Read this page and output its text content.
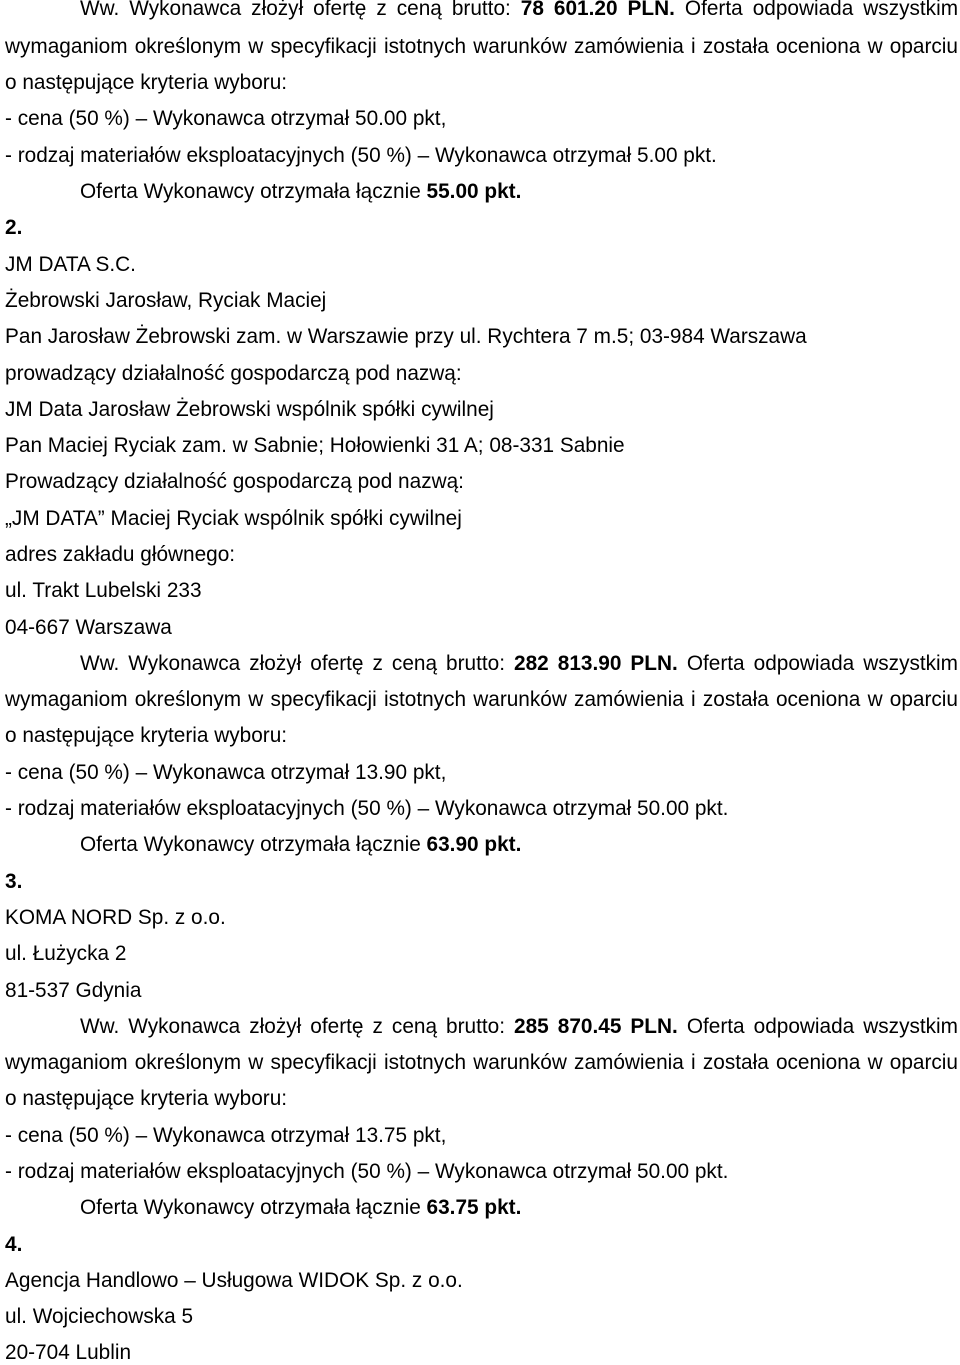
Ww. Wykonawca złożył ofertę z ceną brutto: 78 601.20 PLN. Oferta odpowiada wszystkim
wymaganiom określonym w specyfikacji istotnych warunków zamówienia i została oceniona w oparciu
o następujące kryteria wyboru:
- cena (50 %) – Wykonawca otrzymał 50.00 pkt,
- rodzaj materiałów eksploatacyjnych (50 %) – Wykonawca otrzymał 5.00 pkt.
Oferta Wykonawcy otrzymała łącznie 55.00 pkt.
2.
JM DATA S.C.
Żebrowski Jarosław, Ryciak Maciej
Pan Jarosław Żebrowski zam. w Warszawie przy ul. Rychtera 7 m.5; 03-984 Warszawa
prowadzący działalność gospodarczą pod nazwą:
JM Data Jarosław Żebrowski wspólnik spółki cywilnej
Pan Maciej Ryciak zam. w Sabnie; Hołowienki 31 A; 08-331 Sabnie
Prowadzący działalność gospodarczą pod nazwą:
„JM DATA” Maciej Ryciak wspólnik spółki cywilnej
adres zakładu głównego:
ul. Trakt Lubelski 233
04-667 Warszawa
Ww. Wykonawca złożył ofertę z ceną brutto: 282 813.90 PLN. Oferta odpowiada wszystkim
wymaganiom określonym w specyfikacji istotnych warunków zamówienia i została oceniona w oparciu
o następujące kryteria wyboru:
- cena (50 %) – Wykonawca otrzymał 13.90 pkt,
- rodzaj materiałów eksploatacyjnych (50 %) – Wykonawca otrzymał 50.00 pkt.
Oferta Wykonawcy otrzymała łącznie 63.90 pkt.
3.
KOMA NORD Sp. z o.o.
ul. Łużycka 2
81-537 Gdynia
Ww. Wykonawca złożył ofertę z ceną brutto: 285 870.45 PLN. Oferta odpowiada wszystkim
wymaganiom określonym w specyfikacji istotnych warunków zamówienia i została oceniona w oparciu
o następujące kryteria wyboru:
- cena (50 %) – Wykonawca otrzymał 13.75 pkt,
- rodzaj materiałów eksploatacyjnych (50 %) – Wykonawca otrzymał 50.00 pkt.
Oferta Wykonawcy otrzymała łącznie 63.75 pkt.
4.
Agencja Handlowo – Usługowa WIDOK Sp. z o.o.
ul. Wojciechowska 5
20-704 Lublin
